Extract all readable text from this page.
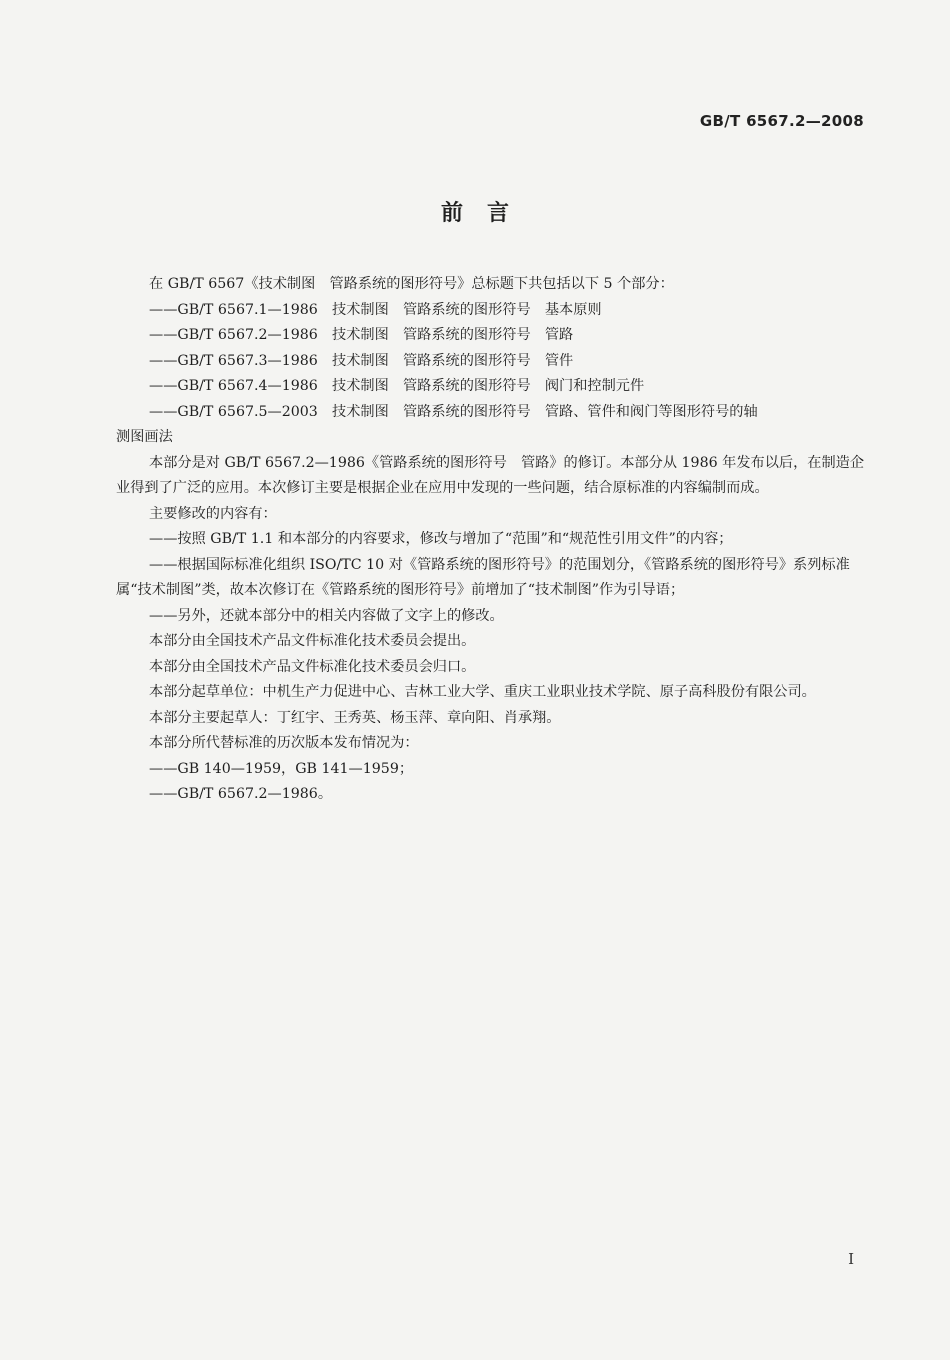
GB/T 6567.2—2008
前言

在 GB/T 6567《技术制图　管路系统的图形符号》总标题下共包括以下 5 个部分：

——GB/T 6567.1—1986　技术制图　管路系统的图形符号　基本原则

——GB/T 6567.2—1986　技术制图　管路系统的图形符号　管路

——GB/T 6567.3—1986　技术制图　管路系统的图形符号　管件

——GB/T 6567.4—1986　技术制图　管路系统的图形符号　阀门和控制元件

——GB/T 6567.5—2003　技术制图　管路系统的图形符号　管路、管件和阀门等图形符号的轴

测图画法

本部分是对 GB/T 6567.2—1986《管路系统的图形符号　管路》的修订。本部分从 1986 年发布以后，在制造企业得到了广泛的应用。本次修订主要是根据企业在应用中发现的一些问题，结合原标准的内容编制而成。

主要修改的内容有：

——按照 GB/T 1.1 和本部分的内容要求，修改与增加了“范围”和“规范性引用文件”的内容；

——根据国际标准化组织 ISO/TC 10 对《管路系统的图形符号》的范围划分，《管路系统的图形符号》系列标准属“技术制图”类，故本次修订在《管路系统的图形符号》前增加了“技术制图”作为引导语；

——另外，还就本部分中的相关内容做了文字上的修改。

本部分由全国技术产品文件标准化技术委员会提出。

本部分由全国技术产品文件标准化技术委员会归口。

本部分起草单位：中机生产力促进中心、吉林工业大学、重庆工业职业技术学院、原子高科股份有限公司。

本部分主要起草人：丁红宇、王秀英、杨玉萍、章向阳、肖承翔。

本部分所代替标准的历次版本发布情况为：

——GB 140—1959，GB 141—1959；

——GB/T 6567.2—1986。

I
